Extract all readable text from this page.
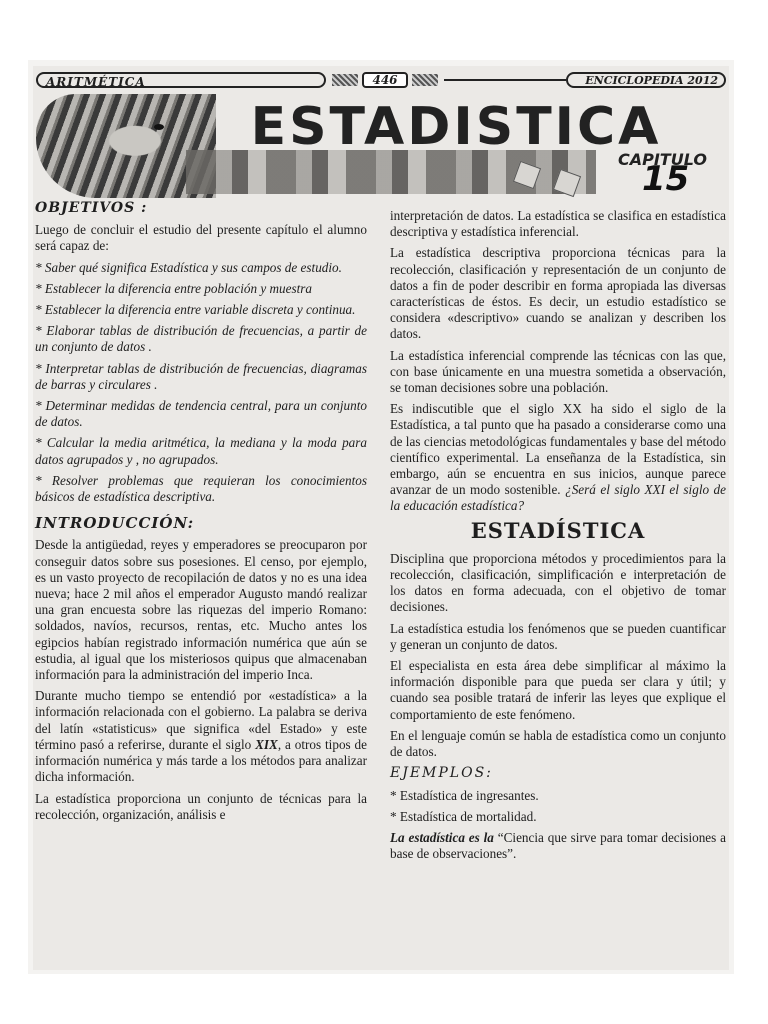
ARITMÉTICA	446	ENCICLOPEDIA 2012
ESTADISTICA
CAPITULO
15
OBJETIVOS :

Luego de concluir el estudio del presente capítulo el alumno será capaz de:

* Saber qué significa Estadística y sus campos de estudio.

* Establecer la diferencia entre población y muestra

* Establecer la diferencia entre variable discreta y continua.

* Elaborar tablas de distribución de frecuencias, a partir de un conjunto de datos .

* Interpretar tablas de distribución de frecuencias, diagramas de barras y circulares .

* Determinar medidas de tendencia central, para un conjunto de datos.

* Calcular la media aritmética, la mediana y la moda para datos agrupados y , no agrupados.

* Resolver problemas que requieran los conocimientos básicos de estadística descriptiva.

INTRODUCCIÓN:

Desde la antigüedad, reyes y emperadores se preocuparon por conseguir datos sobre sus posesiones. El censo, por ejemplo, es un vasto proyecto de recopilación de datos y no es una idea nueva; hace 2 mil años el emperador Augusto mandó realizar una gran encuesta sobre las riquezas del imperio Romano: soldados, navíos, recursos, rentas, etc. Mucho antes los egipcios habían registrado información numérica que aún se estudia, al igual que los misteriosos quipus que almacenaban información para la administración del imperio Inca.

Durante mucho tiempo se entendió por «estadística» a la información relacionada con el gobierno. La palabra se deriva del latín «statisticus» que significa «del Estado» y este término pasó a referirse, durante el siglo XIX, a otros tipos de información numérica y más tarde a los métodos para analizar dicha información.

La estadística proporciona un conjunto de técnicas para la recolección, organización, análisis e

interpretación de datos. La estadística se clasifica en estadística descriptiva y estadística inferencial.

La estadística descriptiva proporciona técnicas para la recolección, clasificación y representación de un conjunto de datos a fin de poder describir en forma apropiada las diversas características de éstos. Es decir, un estudio estadístico se considera «descriptivo» cuando se analizan y describen los datos.

La estadística inferencial comprende las técnicas con las que, con base únicamente en una muestra sometida a observación, se toman decisiones sobre una población.

Es indiscutible que el siglo XX ha sido el siglo de la Estadística, a tal punto que ha pasado a considerarse como una de las ciencias metodológicas fundamentales y base del método científico experimental. La enseñanza de la Estadística, sin embargo, aún se encuentra en sus inicios, aunque parece avanzar de un modo sostenible. ¿Será el siglo XXI el siglo de la educación estadística?

ESTADÍSTICA

Disciplina que proporciona métodos y procedimientos para la recolección, clasificación, simplificación e interpretación de los datos en forma adecuada, con el objetivo de tomar decisiones.

La estadística estudia los fenómenos que se pueden cuantificar y generan un conjunto de datos.

El especialista en esta área debe simplificar al máximo la información disponible para que pueda ser clara y útil; y cuando sea posible tratará de inferir las leyes que explique el comportamiento de este fenómeno.

En el lenguaje común se habla de estadística como un conjunto de datos.

EJEMPLOS:

* Estadística de ingresantes.

* Estadística de mortalidad.

La estadística es la “Ciencia que sirve para tomar decisiones a base de observaciones”.
